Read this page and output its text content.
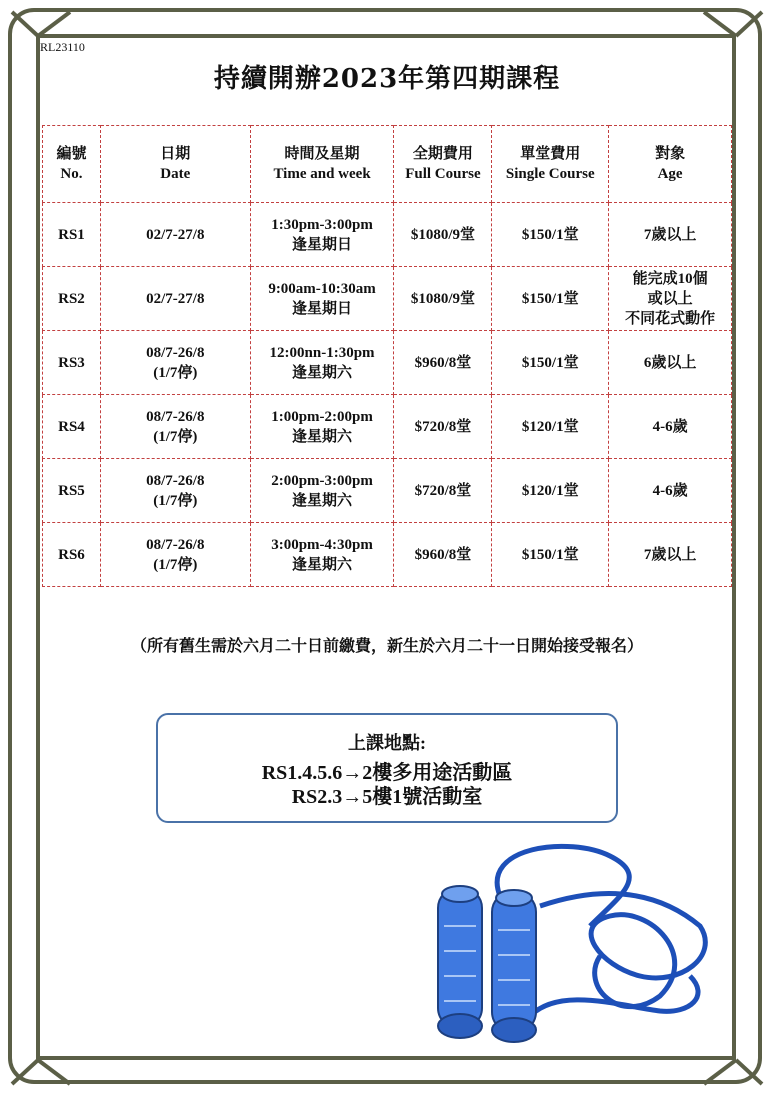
RL23110
持續開辦2023年第四期課程
編號
No.	日期
Date	時間及星期
Time and week	全期費用
Full Course	單堂費用
Single Course	對象
Age
RS1	02/7-27/8	1:30pm-3:00pm
逢星期日	$1080/9堂	$150/1堂	7歲以上
RS2	02/7-27/8	9:00am-10:30am
逢星期日	$1080/9堂	$150/1堂	能完成10個
或以上
不同花式動作
RS3	08/7-26/8
(1/7停)	12:00nn-1:30pm
逢星期六	$960/8堂	$150/1堂	6歲以上
RS4	08/7-26/8
(1/7停)	1:00pm-2:00pm
逢星期六	$720/8堂	$120/1堂	4-6歲
RS5	08/7-26/8
(1/7停)	2:00pm-3:00pm
逢星期六	$720/8堂	$120/1堂	4-6歲
RS6	08/7-26/8
(1/7停)	3:00pm-4:30pm
逢星期六	$960/8堂	$150/1堂	7歲以上
（所有舊生需於六月二十日前繳費，新生於六月二十一日開始接受報名）
上課地點:
RS1.4.5.6→2樓多用途活動區
RS2.3→5樓1號活動室
